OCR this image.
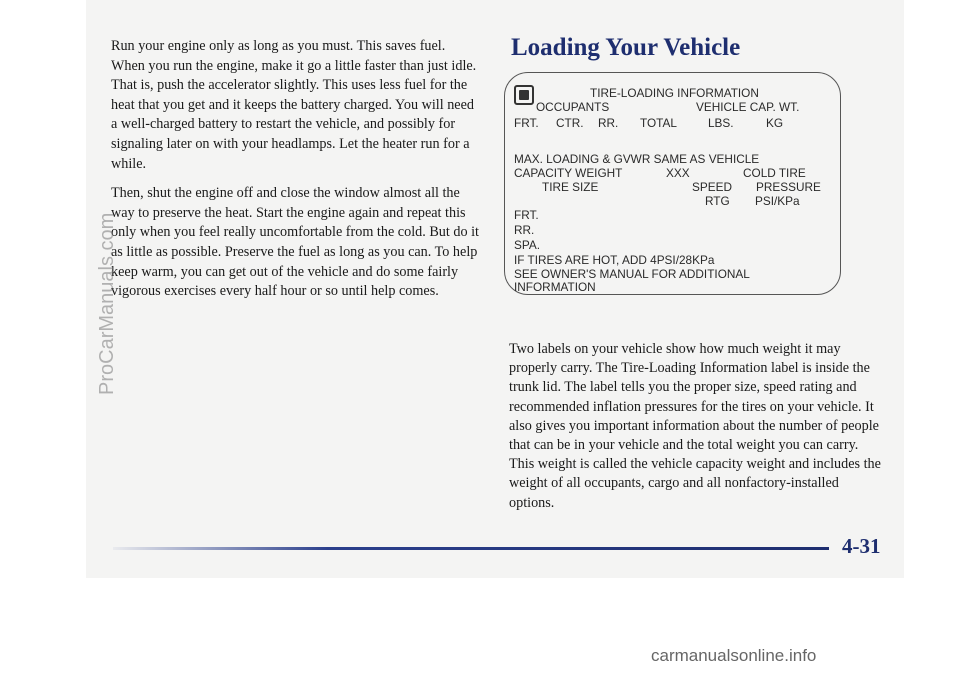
Run your engine only as long as you must. This saves fuel. When you run the engine, make it go a little faster than just idle. That is, push the accelerator slightly. This uses less fuel for the heat that you get and it keeps the battery charged. You will need a well-charged battery to restart the vehicle, and possibly for signaling later on with your headlamps. Let the heater run for a while.

Then, shut the engine off and close the window almost all the way to preserve the heat. Start the engine again and repeat this only when you feel really uncomfortable from the cold. But do it as little as possible. Preserve the fuel as long as you can. To help keep warm, you can get out of the vehicle and do some fairly vigorous exercises every half hour or so until help comes.

Loading Your Vehicle
TIRE-LOADING INFORMATION
OCCUPANTS	VEHICLE CAP. WT.
FRT. CTR. RR. TOTAL	LBS.	KG
MAX. LOADING & GVWR SAME AS VEHICLE
CAPACITY WEIGHT	XXX	COLD TIRE
TIRE SIZE	SPEED PRESSURE
RTG PSI/KPa
FRT.
RR.
SPA.
IF TIRES ARE HOT, ADD 4PSI/28KPa
SEE OWNER'S MANUAL FOR ADDITIONAL
INFORMATION

Two labels on your vehicle show how much weight it may properly carry. The Tire-Loading Information label is inside the trunk lid. The label tells you the proper size, speed rating and recommended inflation pressures for the tires on your vehicle. It also gives you important information about the number of people that can be in your vehicle and the total weight you can carry. This weight is called the vehicle capacity weight and includes the weight of all occupants, cargo and all nonfactory-installed options.

4-31

ProCarManuals.com
carmanualsonline.info
